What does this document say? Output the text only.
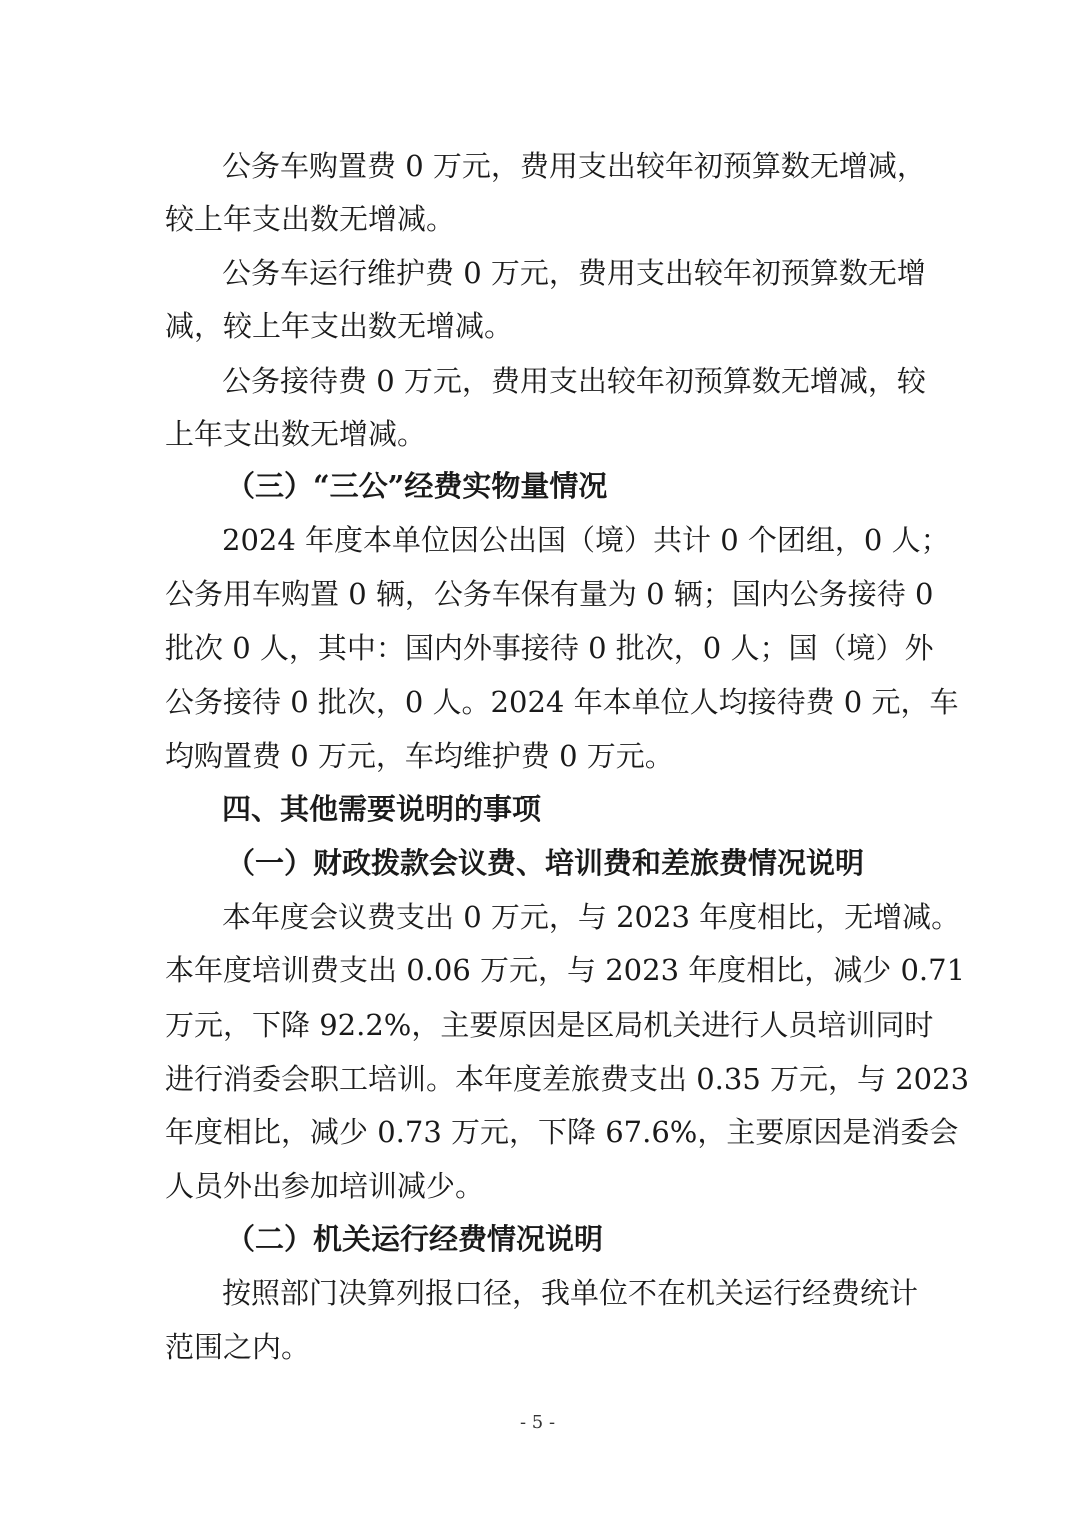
公务车购置费 0 万元，费用支出较年初预算数无增减，
较上年支出数无增减。
公务车运行维护费 0 万元，费用支出较年初预算数无增
减，较上年支出数无增减。
公务接待费 0 万元，费用支出较年初预算数无增减，较
上年支出数无增减。
（三）“三公”经费实物量情况
2024 年度本单位因公出国（境）共计 0 个团组，0 人；
公务用车购置 0 辆，公务车保有量为 0 辆；国内公务接待 0
批次 0 人，其中：国内外事接待 0 批次，0 人；国（境）外
公务接待 0 批次，0 人。2024 年本单位人均接待费 0 元，车
均购置费 0 万元，车均维护费 0 万元。
四、其他需要说明的事项
（一）财政拨款会议费、培训费和差旅费情况说明
本年度会议费支出 0 万元，与 2023 年度相比，无增减。
本年度培训费支出 0.06 万元，与 2023 年度相比，减少 0.71
万元，下降 92.2%，主要原因是区局机关进行人员培训同时
进行消委会职工培训。本年度差旅费支出 0.35 万元，与 2023
年度相比，减少 0.73 万元，下降 67.6%，主要原因是消委会
人员外出参加培训减少。
（二）机关运行经费情况说明
按照部门决算列报口径，我单位不在机关运行经费统计
范围之内。
- 5 -
